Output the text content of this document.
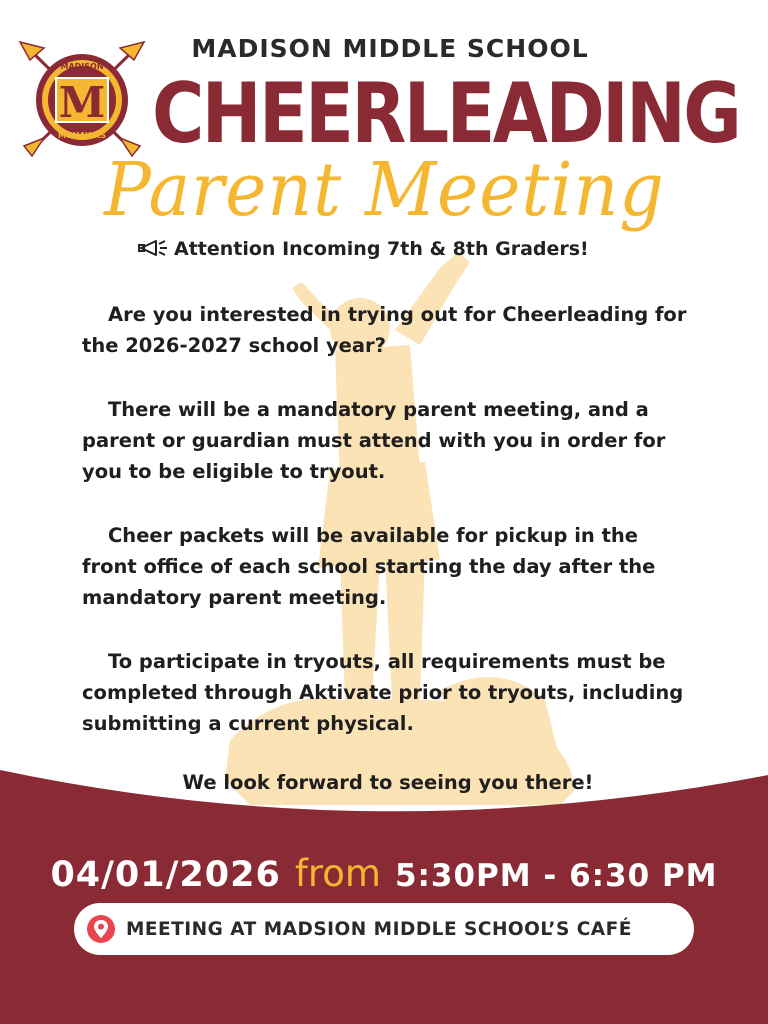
M
MADISON
MOHAWKS
MADISON MIDDLE SCHOOL
CHEERLEADING
Parent Meeting
Attention Incoming 7th & 8th Graders!
Are you interested in trying out for Cheerleading for the 2026-2027 school year?
There will be a mandatory parent meeting, and a parent or guardian must attend with you in order for you to be eligible to tryout.
Cheer packets will be available for pickup in the front office of each school starting the day after the mandatory parent meeting.
To participate in tryouts, all requirements must be completed through Aktivate prior to tryouts, including submitting a current physical.
We look forward to seeing you there!
04/01/2026 from 5:30PM - 6:30 PM
MEETING AT MADSION MIDDLE SCHOOL’S CAFÉ
